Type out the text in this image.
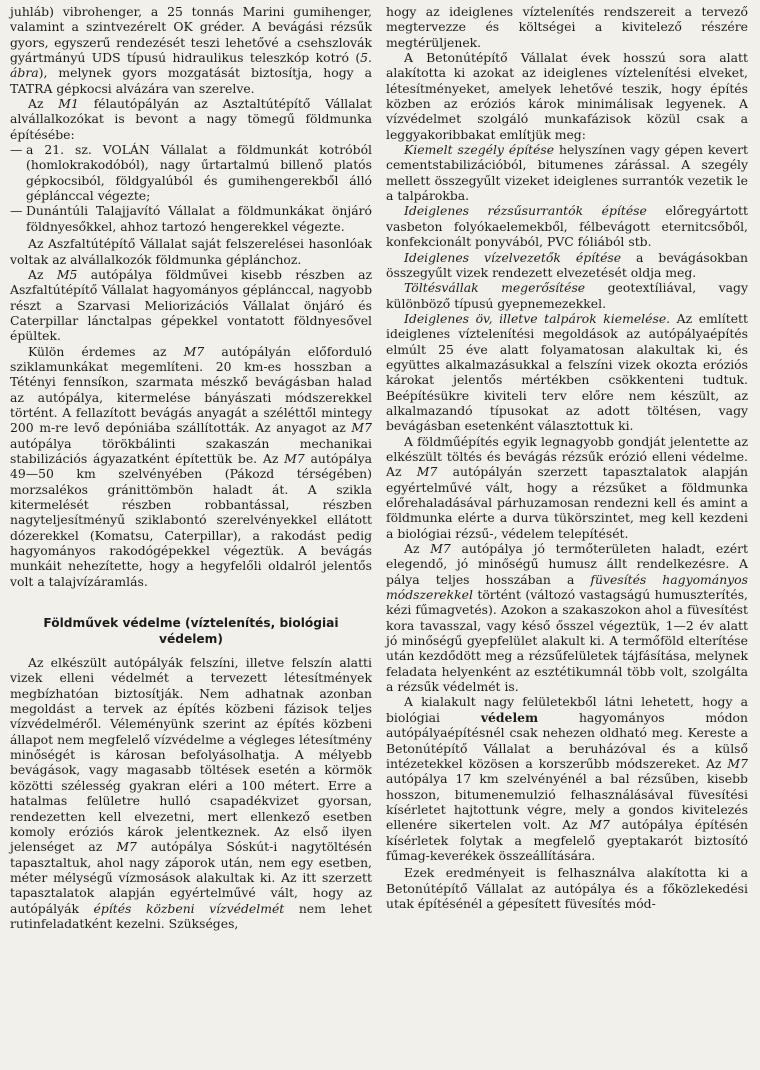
juhláb) vibrohenger, a 25 tonnás Marini gumihenger, valamint a szintvezérelt OK gréder. A bevágási rézsűk gyors, egyszerű rendezését teszi lehetővé a csehszlovák gyártmányú UDS típusú hidraulikus teleszkóp kotró (5. ábra), melynek gyors mozgatását biztosítja, hogy a TATRA gépkocsi alvázára van szerelve.

Az M1 félautópályán az Asztaltútépítő Vállalat alvállalkozókat is bevont a nagy tömegű földmunka építésébe:

— a 21. sz. VOLÁN Vállalat a földmunkát kotróból (homlokrakodóból), nagy űrtartalmú billenő platós gépkocsiból, földgyalúból és gumihengerekből álló géplánccal végezte;
— Dunántúli Talajjavító Vállalat a földmunkákat önjáró földnyesőkkel, ahhoz tartozó hengerekkel végezte.

Az Aszfaltútépítő Vállalat saját felszerelései hasonlóak voltak az alvállalkozók földmunka géplánchoz.

Az M5 autópálya földművei kisebb részben az Aszfaltútépítő Vállalat hagyományos géplánccal, nagyobb részt a Szarvasi Meliorizációs Vállalat önjáró és Caterpillar lánctalpas gépekkel vontatott földnyesővel épültek.

Külön érdemes az M7 autópályán előforduló sziklamunkákat megemlíteni. 20 km-es hosszban a Tétényi fennsíkon, szarmata mészkő bevágásban halad az autópálya, kitermelése bányászati módszerekkel történt. A fellazított bevágás anyagát a széléttől mintegy 200 m-re levő depóniába szállították. Az anyagot az M7 autópálya törökbálinti szakaszán mechanikai stabilizációs ágyazatként építettük be. Az M7 autópálya 49—50 km szelvényében (Pákozd térségében) morzsalékos gránittömbön haladt át. A szikla kitermelését részben robbantással, részben nagyteljesítményű sziklabontó szerelvényekkel ellátott dózerekkel (Komatsu, Caterpillar), a rakodást pedig hagyományos rakodógépekkel végeztük. A bevágás munkáit nehezítette, hogy a hegyfelőli oldalról jelentős volt a talajvízáramlás.

Földművek védelme (víztelenítés, biológiai védelem)

Az elkészült autópályák felszíni, illetve felszín alatti vizek elleni védelmét a tervezett létesítmények megbízhatóan biztosítják. Nem adhatnak azonban megoldást a tervek az építés közbeni fázisok teljes vízvédelméről. Véleményünk szerint az építés közbeni állapot nem megfelelő vízvédelme a végleges létesítmény minőségét is károsan befolyásolhatja. A mélyebb bevágások, vagy magasabb töltések esetén a körmök közötti szélesség gyakran eléri a 100 métert. Erre a hatalmas felületre hulló csapadékvizet gyorsan, rendezetten kell elvezetni, mert ellenkező esetben komoly eróziós károk jelentkeznek. Az első ilyen jelenséget az M7 autópálya Sóskút-i nagytöltésén tapasztaltuk, ahol nagy záporok után, nem egy esetben, méter mélységű vízmosások alakultak ki. Az itt szerzett tapasztalatok alapján egyértelművé vált, hogy az autópályák építés közbeni vízvédelmét nem lehet rutinfeladatként kezelni. Szükséges,

hogy az ideiglenes víztelenítés rendszereit a tervező megtervezze és költségei a kivitelező részére megtérüljenek.

A Betonútépítő Vállalat évek hosszú sora alatt alakította ki azokat az ideiglenes víztelenítési elveket, létesítményeket, amelyek lehetővé teszik, hogy építés közben az eróziós károk minimálisak legyenek. A vízvédelmet szolgáló munkafázisok közül csak a leggyakoribbakat említjük meg:

Kiemelt szegély építése helyszínen vagy gépen kevert cementstabilizációból, bitumenes zárással. A szegély mellett összegyűlt vizeket ideiglenes surrantók vezetik le a talpárokba.

Ideiglenes rézsűsurrantók építése előregyártott vasbeton folyókaelemekből, félbevágott eternitcsőből, konfekcionált ponyvából, PVC fóliából stb.

Ideiglenes vízelvezetők építése a bevágásokban összegyűlt vizek rendezett elvezetését oldja meg.

Töltésvállak megerősítése geotextíliával, vagy különböző típusú gyepnemezekkel.

Ideiglenes öv, illetve talpárok kiemelése. Az említett ideiglenes víztelenítési megoldások az autópályaépítés elmúlt 25 éve alatt folyamatosan alakultak ki, és együttes alkalmazásukkal a felszíni vizek okozta eróziós károkat jelentős mértékben csökkenteni tudtuk. Beépítésükre kiviteli terv előre nem készült, az alkalmazandó típusokat az adott töltésen, vagy bevágásban esetenként választottuk ki.

A földműépítés egyik legnagyobb gondját jelentette az elkészült töltés és bevágás rézsűk erózió elleni védelme. Az M7 autópályán szerzett tapasztalatok alapján egyértelművé vált, hogy a rézsűket a földmunka előrehaladásával párhuzamosan rendezni kell és amint a földmunka elérte a durva tükörszintet, meg kell kezdeni a biológiai rézsű-, védelem telepítését.

Az M7 autópálya jó termőterületen haladt, ezért elegendő, jó minőségű humusz állt rendelkezésre. A pálya teljes hosszában a füvesítés hagyományos módszerekkel történt (változó vastagságú humuszterítés, kézi fűmagvetés). Azokon a szakaszokon ahol a füvesítést kora tavasszal, vagy késő ősszel végeztük, 1—2 év alatt jó minőségű gyepfelület alakult ki. A termőföld elterítése után kezdődött meg a rézsűfelületek tájfásítása, melynek feladata helyenként az esztétikumnál több volt, szolgálta a rézsűk védelmét is.

A kialakult nagy felületekből látni lehetett, hogy a biológiai védelem hagyományos módon autópályaépítésnél csak nehezen oldható meg. Kereste a Betonútépítő Vállalat a beruházóval és a külső intézetekkel közösen a korszerűbb módszereket. Az M7 autópálya 17 km szelvényénél a bal rézsűben, kisebb hosszon, bitumenemulzió felhasználásával füvesítési kísérletet hajtottunk végre, mely a gondos kivitelezés ellenére sikertelen volt. Az M7 autópálya építésén kísérletek folytak a megfelelő gyeptakarót biztosító fűmag-keverékek összeállítására.

Ezek eredményeit is felhasználva alakította ki a Betonútépítő Vállalat az autópálya és a főközlekedési utak építésénél a gépesített füvesítés mód-
